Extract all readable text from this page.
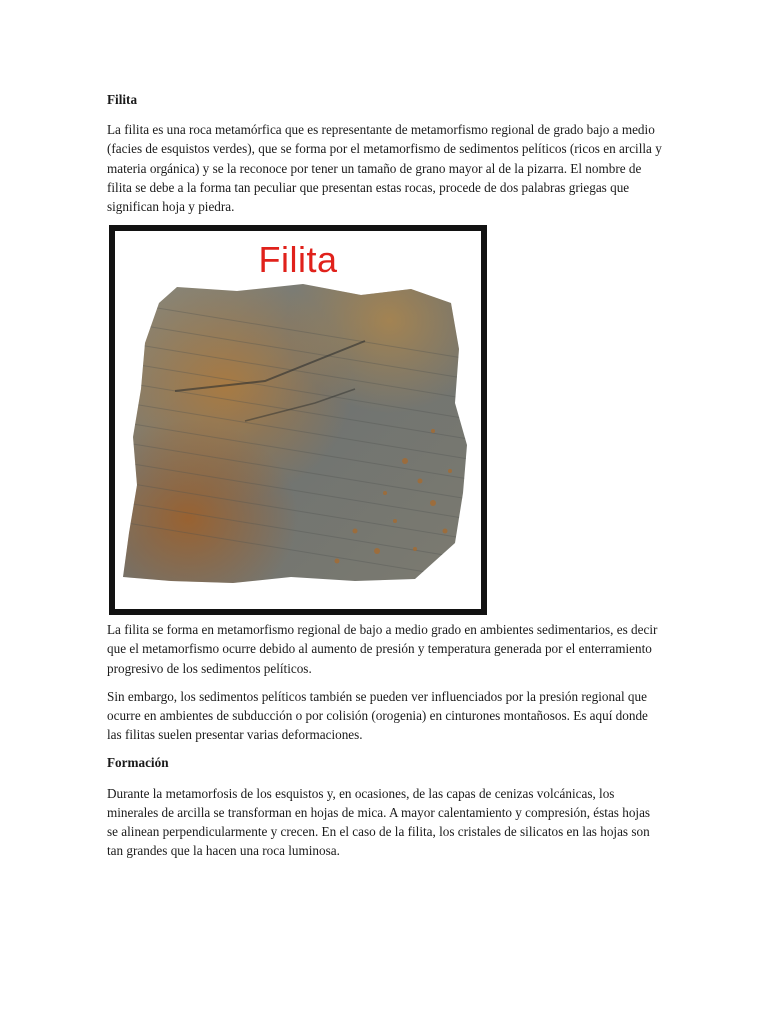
Filita

La filita es una roca metamórfica que es representante de metamorfismo regional de grado bajo a medio (facies de esquistos verdes), que se forma por el metamorfismo de sedimentos pelíticos (ricos en arcilla y materia orgánica) y se la reconoce por tener un tamaño de grano mayor al de la pizarra. El nombre de filita se debe a la forma tan peculiar que presentan estas rocas, procede de dos palabras griegas que significan hoja y piedra.

Filita

La filita se forma en metamorfismo regional de bajo a medio grado en ambientes sedimentarios, es decir que el metamorfismo ocurre debido al aumento de presión y temperatura generada por el enterramiento progresivo de los sedimentos pelíticos.

Sin embargo, los sedimentos pelíticos también se pueden ver influenciados por la presión regional que ocurre en ambientes de subducción o por colisión (orogenia) en cinturones montañosos. Es aquí donde las filitas suelen presentar varias deformaciones.

Formación

Durante la metamorfosis de los esquistos y, en ocasiones, de las capas de cenizas volcánicas, los minerales de arcilla se transforman en hojas de mica. A mayor calentamiento y compresión, éstas hojas se alinean perpendicularmente y crecen. En el caso de la filita, los cristales de silicatos en las hojas son tan grandes que la hacen una roca luminosa.
